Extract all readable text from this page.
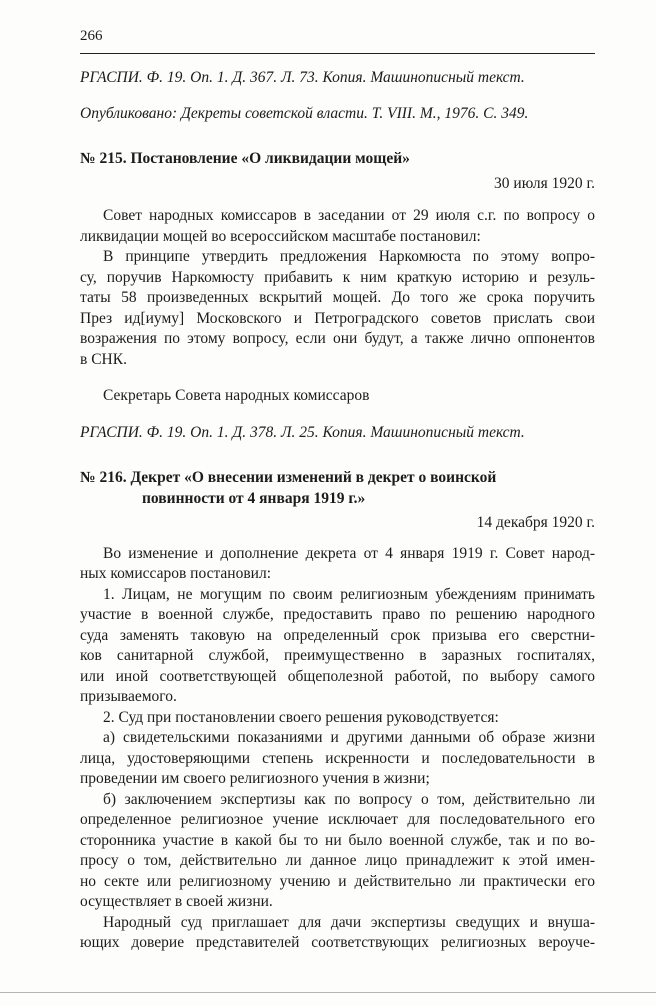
266

РГАСПИ. Ф. 19. Оп. 1. Д. 367. Л. 73. Копия. Машинописный текст.

Опубликовано: Декреты советской власти. Т. VIII. М., 1976. С. 349.

№ 215. Постановление «О ликвидации мощей»

30 июля 1920 г.

Совет народных комиссаров в заседании от 29 июля с.г. по вопросу о

ликвидации мощей во всероссийском масштабе постановил:

В принципе утвердить предложения Наркомюста по этому вопро-

су, поручив Наркомюсту прибавить к ним краткую историю и резуль-

таты 58 произведенных вскрытий мощей. До того же срока поручить

През ид[иуму] Московского и Петроградского советов прислать свои

возражения по этому вопросу, если они будут, а также лично оппонентов

в СНК.

Секретарь Совета народных комиссаров

РГАСПИ. Ф. 19. Оп. 1. Д. 378. Л. 25. Копия. Машинописный текст.

№ 216. Декрет «О внесении изменений в декрет о воинской

повинности от 4 января 1919 г.»

14 декабря 1920 г.

Во изменение и дополнение декрета от 4 января 1919 г. Совет народ-

ных комиссаров постановил:

1. Лицам, не могущим по своим религиозным убеждениям принимать

участие в военной службе, предоставить право по решению народного

суда заменять таковую на определенный срок призыва его сверстни-

ков санитарной службой, преимущественно в заразных госпиталях,

или иной соответствующей общеполезной работой, по выбору самого

призываемого.

2. Суд при постановлении своего решения руководствуется:

а) свидетельскими показаниями и другими данными об образе жизни

лица, удостоверяющими степень искренности и последовательности в

проведении им своего религиозного учения в жизни;

б) заключением экспертизы как по вопросу о том, действительно ли

определенное религиозное учение исключает для последовательного его

сторонника участие в какой бы то ни было военной службе, так и по во-

просу о том, действительно ли данное лицо принадлежит к этой имен-

но секте или религиозному учению и действительно ли практически его

осуществляет в своей жизни.

Народный суд приглашает для дачи экспертизы сведущих и внуша-

ющих доверие представителей соответствующих религиозных вероуче-
